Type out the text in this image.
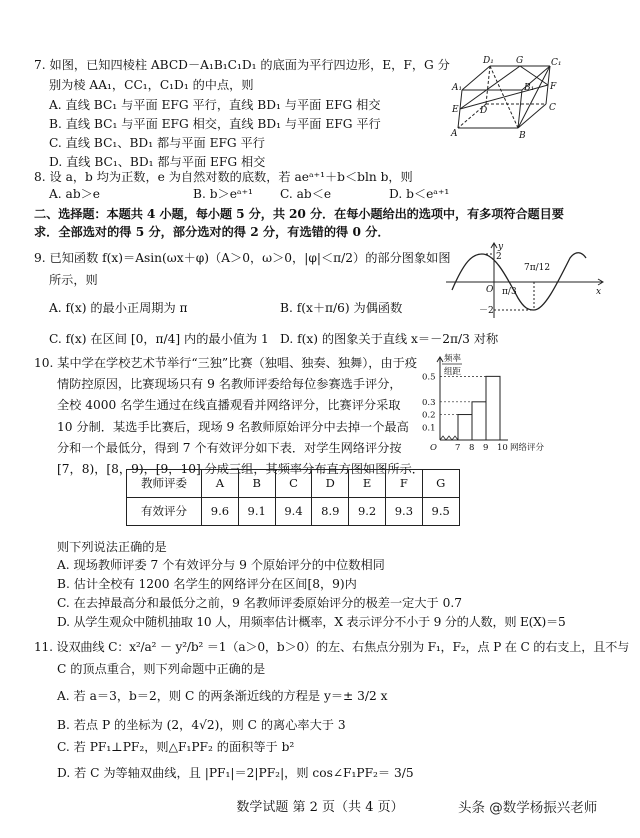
7. 如图，已知四棱柱 ABCD－A₁B₁C₁D₁ 的底面为平行四边形，E，F，G 分
别为棱 AA₁，CC₁，C₁D₁ 的中点，则
A. 直线 BC₁ 与平面 EFG 平行，直线 BD₁ 与平面 EFG 相交
B. 直线 BC₁ 与平面 EFG 相交，直线 BD₁ 与平面 EFG 平行
C. 直线 BC₁、BD₁ 都与平面 EFG 平行
D. 直线 BC₁、BD₁ 都与平面 EFG 相交
D₁ G	C₁
A₁	B₁
E
F
D	C
A	B
8. 设 a，b 均为正数，e 为自然对数的底数，若 aeᵃ⁺¹＋b＜bln b，则
A. ab＞e	B. b＞eᵃ⁺¹ C. ab＜e	D. b＜eᵃ⁺¹
二、选择题：本题共 4 小题，每小题 5 分，共 20 分．在每小题给出的选项中，有多项符合题目要
求．全部选对的得 5 分，部分选对的得 2 分，有选错的得 0 分．
9. 已知函数 f(x)＝Asin(ωx＋φ)（A＞0，ω＞0，|φ|＜π/2）的部分图象如图
所示，则
A. f(x) 的最小正周期为 π	B. f(x＋π/6) 为偶函数
C. f(x) 在区间 [0，π/4] 内的最小值为 1 D. f(x) 的图象关于直线 x＝－2π/3 对称
y
x
O
2
－2
7π/12
π/3
10. 某中学在学校艺术节举行“三独”比赛（独唱、独奏、独舞），由于疫
情防控原因，比赛现场只有 9 名教师评委给每位参赛选手评分，
全校 4000 名学生通过在线直播观看并网络评分，比赛评分采取
10 分制．某选手比赛后，现场 9 名教师原始评分中去掉一个最高
分和一个最低分，得到 7 个有效评分如下表．对学生网络评分按
[7，8)，[8，9)，[9，10] 分成三组，其频率分布直方图如图所示．
频率
组距
O	网络评分
0.5
0.3
0.2
0.1
7 8 9 10
教师评委	A	B	C	D	E	F	G
有效评分	9.6	9.1	9.4	8.9	9.2	9.3	9.5
则下列说法正确的是
A. 现场教师评委 7 个有效评分与 9 个原始评分的中位数相同
B. 估计全校有 1200 名学生的网络评分在区间[8，9)内
C. 在去掉最高分和最低分之前，9 名教师评委原始评分的极差一定大于 0.7
D. 从学生观众中随机抽取 10 人，用频率估计概率，X 表示评分不小于 9 分的人数，则 E(X)＝5
11. 设双曲线 C：x²/a² － y²/b² ＝1（a＞0，b＞0）的左、右焦点分别为 F₁，F₂，点 P 在 C 的右支上，且不与
C 的顶点重合，则下列命题中正确的是
A. 若 a＝3，b＝2，则 C 的两条渐近线的方程是 y＝± 3/2 x
B. 若点 P 的坐标为 (2，4√2)，则 C 的离心率大于 3
C. 若 PF₁⊥PF₂，则△F₁PF₂ 的面积等于 b²
D. 若 C 为等轴双曲线，且 |PF₁|＝2|PF₂|，则 cos∠F₁PF₂＝ 3/5
数学试题 第 2 页（共 4 页）	头条 @数学杨振兴老师
